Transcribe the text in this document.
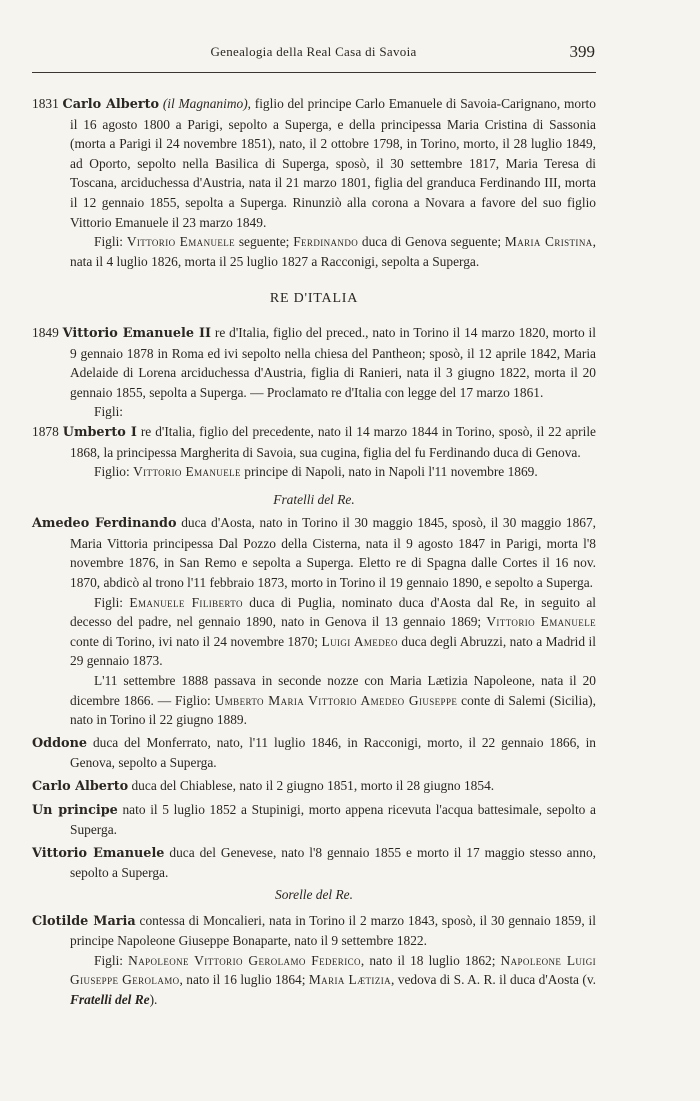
Genealogia della Real Casa di Savoia	399

1831 Carlo Alberto (il Magnanimo), figlio del principe Carlo Emanuele di Savoia-Carignano, morto il 16 agosto 1800 a Parigi, sepolto a Superga, e della principessa Maria Cristina di Sassonia (morta a Parigi il 24 novembre 1851), nato, il 2 ottobre 1798, in Torino, morto, il 28 luglio 1849, ad Oporto, sepolto nella Basilica di Superga, sposò, il 30 settembre 1817, Maria Teresa di Toscana, arciduchessa d'Austria, nata il 21 marzo 1801, figlia del granduca Ferdinando III, morta il 12 gennaio 1855, sepolta a Superga. Rinunziò alla corona a Novara a favore del suo figlio Vittorio Emanuele il 23 marzo 1849.

Figli: Vittorio Emanuele seguente; Ferdinando duca di Genova seguente; Maria Cristina, nata il 4 luglio 1826, morta il 25 luglio 1827 a Racconigi, sepolta a Superga.

RE D'ITALIA

1849 Vittorio Emanuele II re d'Italia, figlio del preced., nato in Torino il 14 marzo 1820, morto il 9 gennaio 1878 in Roma ed ivi sepolto nella chiesa del Pantheon; sposò, il 12 aprile 1842, Maria Adelaide di Lorena arciduchessa d'Austria, figlia di Ranieri, nata il 3 giugno 1822, morta il 20 gennaio 1855, sepolta a Superga. — Proclamato re d'Italia con legge del 17 marzo 1861.

Figli:

1878 Umberto I re d'Italia, figlio del precedente, nato il 14 marzo 1844 in Torino, sposò, il 22 aprile 1868, la principessa Margherita di Savoia, sua cugina, figlia del fu Ferdinando duca di Genova.

Figlio: Vittorio Emanuele principe di Napoli, nato in Napoli l'11 novembre 1869.

Fratelli del Re.

Amedeo Ferdinando duca d'Aosta, nato in Torino il 30 maggio 1845, sposò, il 30 maggio 1867, Maria Vittoria principessa Dal Pozzo della Cisterna, nata il 9 agosto 1847 in Parigi, morta l'8 novembre 1876, in San Remo e sepolta a Superga. Eletto re di Spagna dalle Cortes il 16 nov. 1870, abdicò al trono l'11 febbraio 1873, morto in Torino il 19 gennaio 1890, e sepolto a Superga.

Figli: Emanuele Filiberto duca di Puglia, nominato duca d'Aosta dal Re, in seguito al decesso del padre, nel gennaio 1890, nato in Genova il 13 gennaio 1869; Vittorio Emanuele conte di Torino, ivi nato il 24 novembre 1870; Luigi Amedeo duca degli Abruzzi, nato a Madrid il 29 gennaio 1873.

L'11 settembre 1888 passava in seconde nozze con Maria Lætizia Napoleone, nata il 20 dicembre 1866. — Figlio: Umberto Maria Vittorio Amedeo Giuseppe conte di Salemi (Sicilia), nato in Torino il 22 giugno 1889.

Oddone duca del Monferrato, nato, l'11 luglio 1846, in Racconigi, morto, il 22 gennaio 1866, in Genova, sepolto a Superga.

Carlo Alberto duca del Chiablese, nato il 2 giugno 1851, morto il 28 giugno 1854.

Un principe nato il 5 luglio 1852 a Stupinigi, morto appena ricevuta l'acqua battesimale, sepolto a Superga.

Vittorio Emanuele duca del Genevese, nato l'8 gennaio 1855 e morto il 17 maggio stesso anno, sepolto a Superga.

Sorelle del Re.

Clotilde Maria contessa di Moncalieri, nata in Torino il 2 marzo 1843, sposò, il 30 gennaio 1859, il principe Napoleone Giuseppe Bonaparte, nato il 9 settembre 1822.

Figli: Napoleone Vittorio Gerolamo Federico, nato il 18 luglio 1862; Napoleone Luigi Giuseppe Gerolamo, nato il 16 luglio 1864; Maria Lætizia, vedova di S. A. R. il duca d'Aosta (v. Fratelli del Re).
